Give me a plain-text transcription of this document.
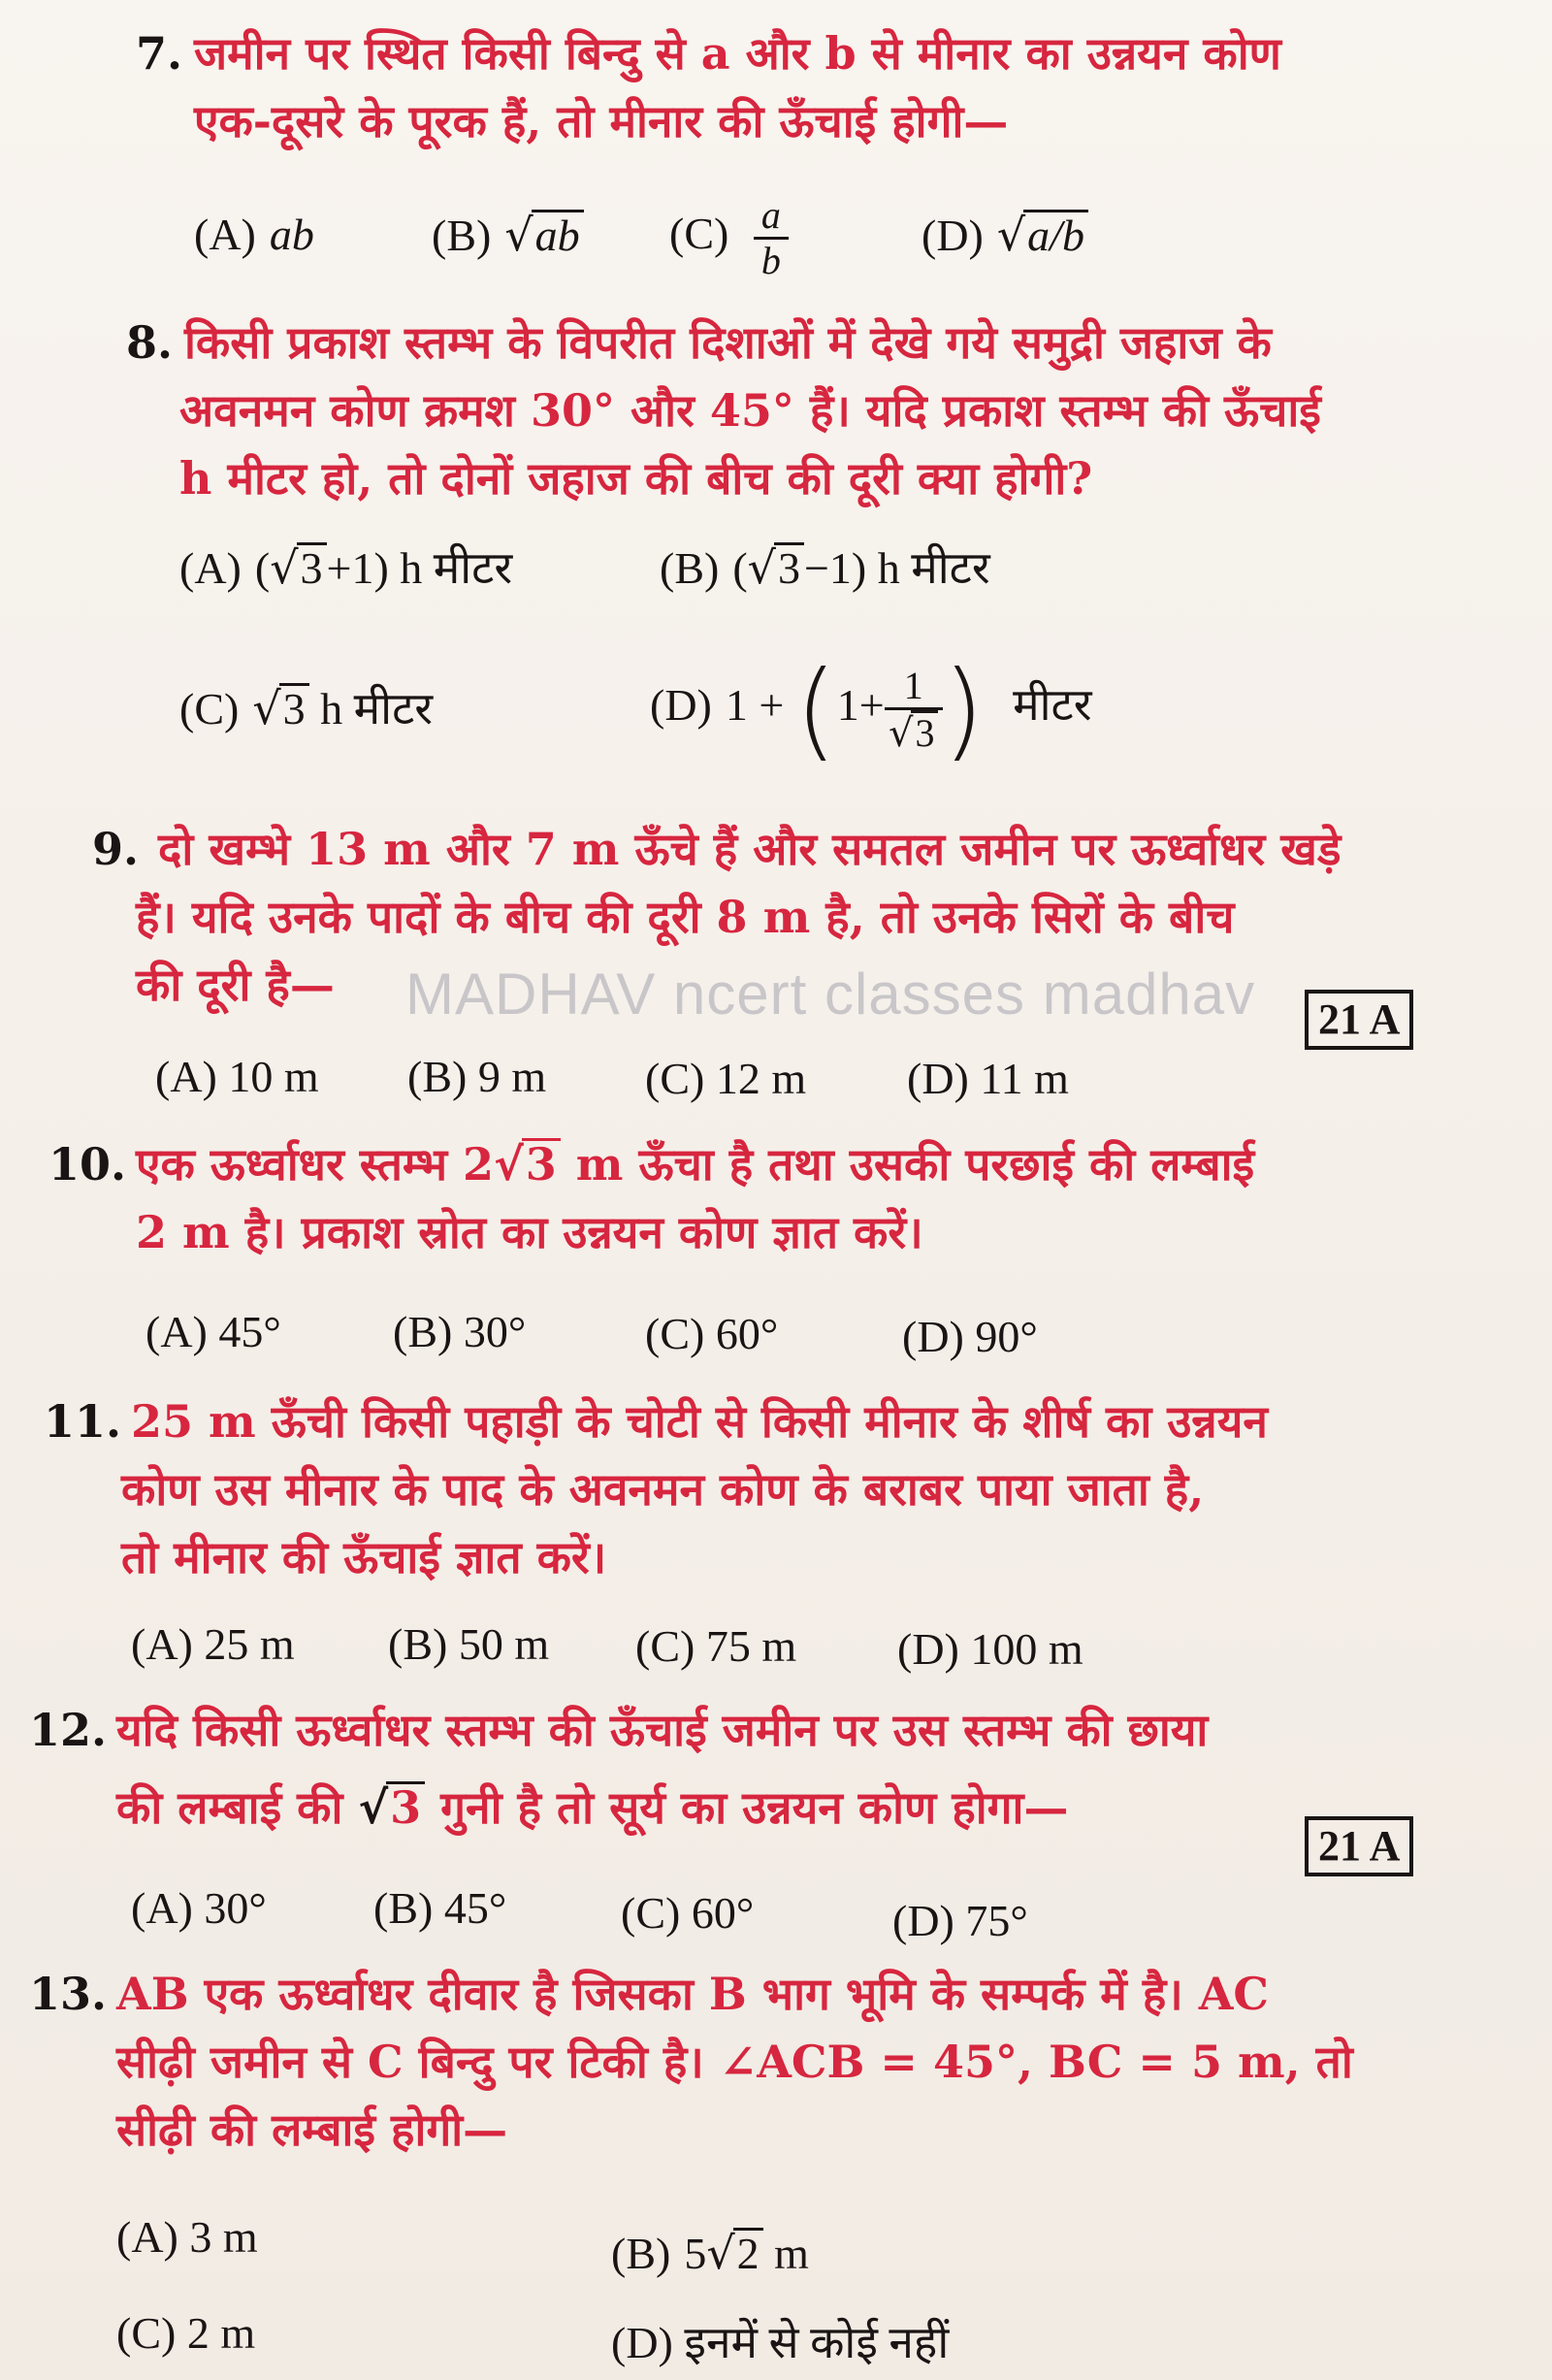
7. जमीन पर स्थित किसी बिन्दु से a और b से मीनार का उन्नयन कोण
एक-दूसरे के पूरक हैं, तो मीनार की ऊँचाई होगी—
(A) ab	(B) √ab $(C) \frac{a}{b}$	(D) √a/b
8. किसी प्रकाश स्तम्भ के विपरीत दिशाओं में देखे गये समुद्री जहाज के
अवनमन कोण क्रमश 30° और 45° हैं। यदि प्रकाश स्तम्भ की ऊँचाई
h मीटर हो, तो दोनों जहाज की बीच की दूरी क्या होगी?
(A) (√3+1) h मीटर	(B) (√3−1) h मीटर
(C) √3 h मीटर	(D) $1 + (1+ \frac{1}{√3}$ ) मीटर
9. दो खम्भे 13 m और 7 m ऊँचे हैं और समतल जमीन पर ऊर्ध्वाधर खड़े
हैं। यदि उनके पादों के बीच की दूरी 8 m है, तो उनके सिरों के बीच
की दूरी है—	MADHAV ncert classes madhav	21 A
(A) 10 m (B) 9 m (C) 12 m (D) 11 m
10. एक ऊर्ध्वाधर स्तम्भ 2√3 m ऊँचा है तथा उसकी परछाई की लम्बाई
2 m है। प्रकाश स्रोत का उन्नयन कोण ज्ञात करें।
(A) 45°	(B) 30°	(C) 60°	(D) 90°
11. 25 m ऊँची किसी पहाड़ी के चोटी से किसी मीनार के शीर्ष का उन्नयन
कोण उस मीनार के पाद के अवनमन कोण के बराबर पाया जाता है,
तो मीनार की ऊँचाई ज्ञात करें।
(A) 25 m (B) 50 m (C) 75 m (D) 100 m
12. यदि किसी ऊर्ध्वाधर स्तम्भ की ऊँचाई जमीन पर उस स्तम्भ की छाया
की लम्बाई की √3 गुनी है तो सूर्य का उन्नयन कोण होगा—
21 A
(A) 30° (B) 45°	(C) 60°	(D) 75°
13. AB एक ऊर्ध्वाधर दीवार है जिसका B भाग भूमि के सम्पर्क में है। AC
सीढ़ी जमीन से C बिन्दु पर टिकी है। ∠ACB = 45°, BC = 5 m, तो
सीढ़ी की लम्बाई होगी—
(A) 3 m	(B) 5√2 m
(C) 2 m	(D) इनमें से कोई नहीं
